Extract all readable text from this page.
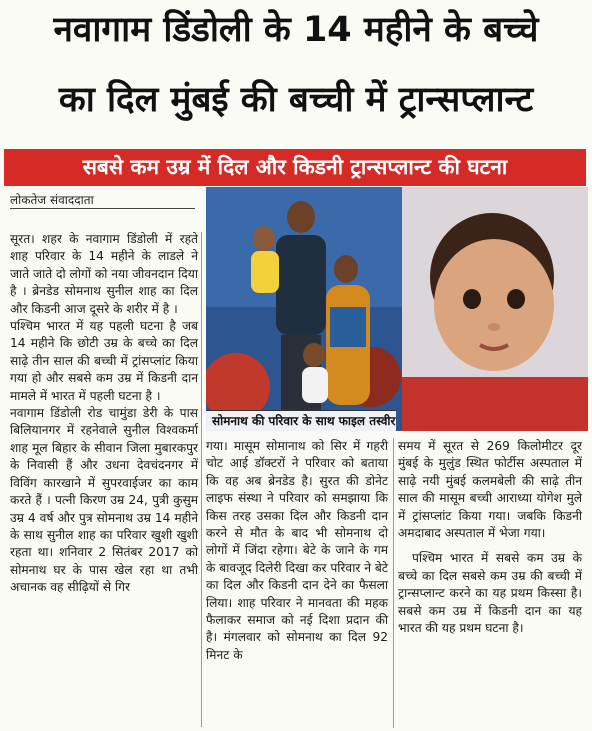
नवागाम डिंडोली के 14 महीने के बच्चे
का दिल मुंबई की बच्ची में ट्रान्सप्लान्ट
सबसे कम उम्र में दिल और किडनी ट्रान्सप्लान्ट की घटना
लोकतेज संवाददाता
सोमनाथ की परिवार के साथ फाइल तस्वीर

सूरत। शहर के नवागाम डिंडोली में रहते शाह परिवार के 14 महीने के लाडले ने जाते जाते दो लोगों को नया जीवनदान दिया है । ब्रेनडेड सोमनाथ सुनील शाह का दिल और किडनी आज दूसरे के शरीर में है ।

पश्चिम भारत में यह पहली घटना है जब 14 महीने कि छोटी उम्र के बच्चे का दिल साढ़े तीन साल की बच्ची में ट्रांसप्लांट किया गया हो और सबसे कम उम्र में किडनी दान मामले में भारत में पहली घटना है ।

नवागाम डिंडोली रोड चामुंडा डेरी के पास बिलियानगर में रहनेवाले सुनील विश्वकर्मा शाह मूल बिहार के सीवान जिला मुबारकपुर के निवासी हैं और उधना देवचंदनगर में विविंग कारखाने में सुपरवाईजर का काम करते हैं । पत्नी किरण उम्र 24, पुत्री कुसुम उम्र 4 वर्ष और पुत्र सोमनाथ उम्र 14 महीने के साथ सुनील शाह का परिवार खुशी खुशी रहता था। शनिवार 2 सितंबर 2017 को सोमनाथ घर के पास खेल रहा था तभी अचानक वह सीढ़ियों से गिर

गया। मासूम सोमानाथ को सिर में गहरी चोट आई डॉक्टरों ने परिवार को बताया कि वह अब ब्रेनडेड है। सुरत की डोनेट लाइफ संस्था ने परिवार को समझाया कि किस तरह उसका दिल और किडनी दान करने से मौत के बाद भी सोमनाथ दो लोगों में जिंदा रहेगा। बेटे के जाने के गम के बावजूद दिलेरी दिखा कर परिवार ने बेटे का दिल और किडनी दान देने का फैसला लिया। शाह परिवार ने मानवता की महक फैलाकर समाज को नई दिशा प्रदान की है। मंगलवार को सोमनाथ का दिल 92 मिनट के

समय में सूरत से 269 किलोमीटर दूर मुंबई के मुलुंड स्थित फोर्टीस अस्पताल में साढ़े नयी मुंबई कलमबेली की साढ़े तीन साल की मासूम बच्ची आराध्या योगेश मुले में ट्रांसप्लांट किया गया। जबकि किडनी अमदाबाद अस्पताल में भेजा गया।

पश्चिम भारत में सबसे कम उम्र के बच्चे का दिल सबसे कम उम्र की बच्ची में ट्रान्सप्लान्ट करने का यह प्रथम किस्सा है। सबसे कम उम्र में किडनी दान का यह भारत की यह प्रथम घटना है।
